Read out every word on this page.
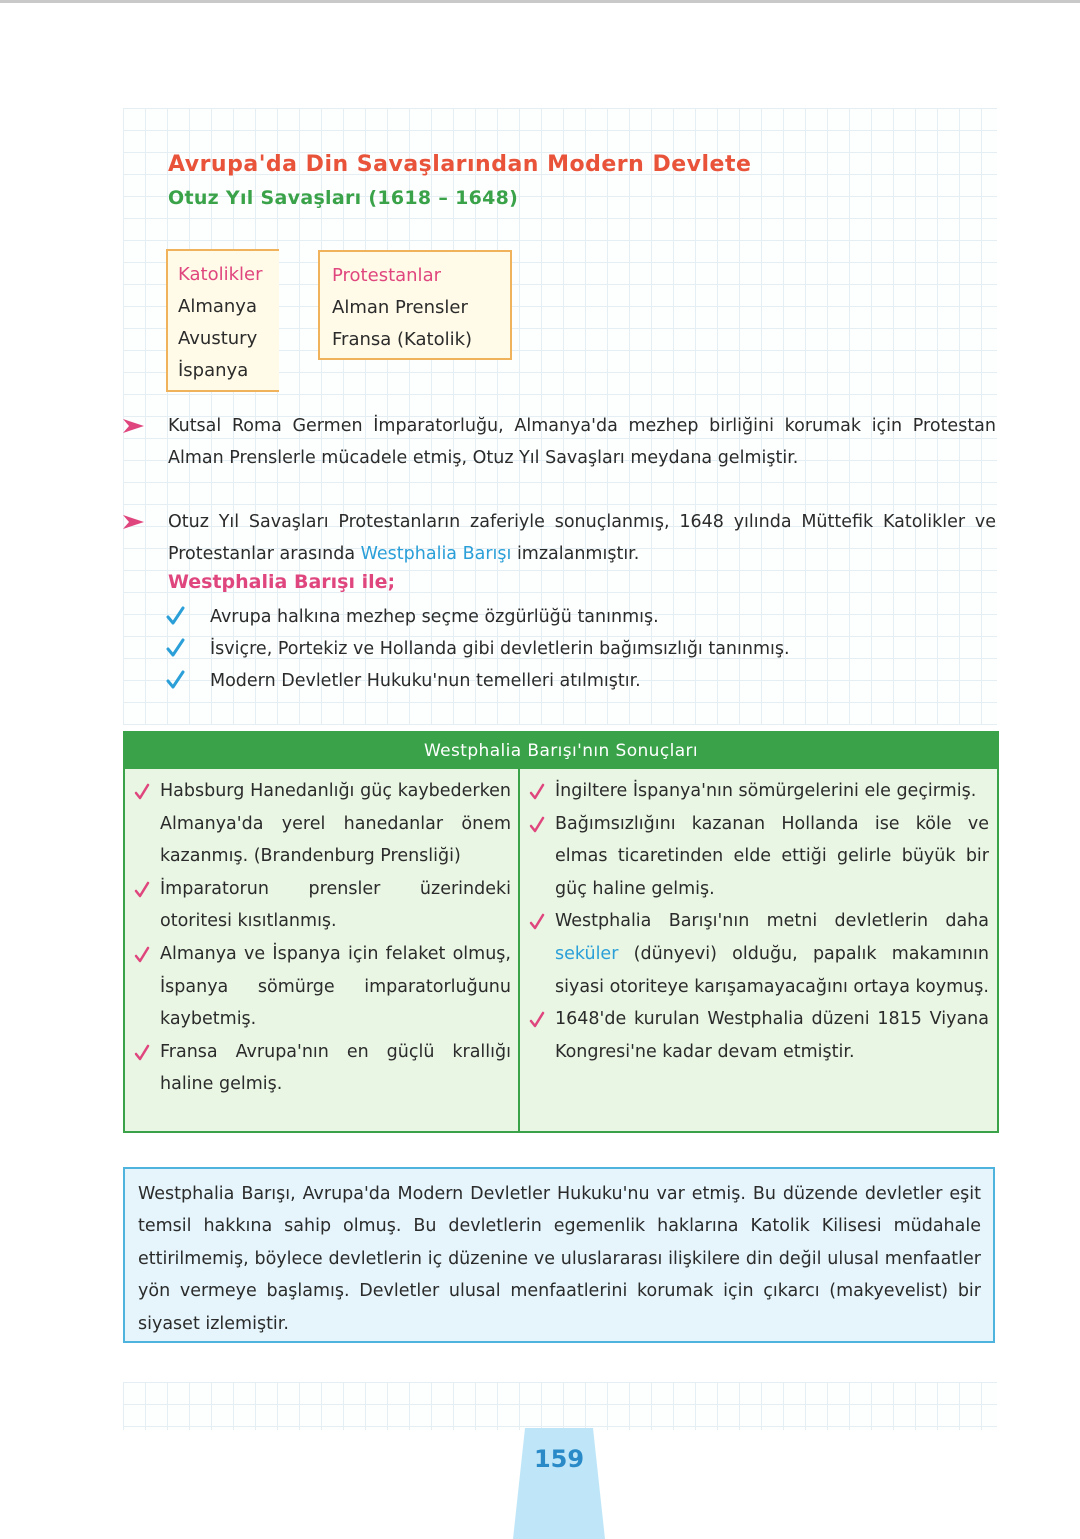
Avrupa'da Din Savaşlarından Modern Devlete
Otuz Yıl Savaşları (1618 – 1648)
Katolikler
Almanya
Avustury
İspanya
Protestanlar
Alman Prensler
Fransa (Katolik)

Kutsal Roma Germen İmparatorluğu, Almanya'da mezhep birliğini korumak için Protestan Alman Prenslerle mücadele etmiş, Otuz Yıl Savaşları meydana gelmiştir.

Otuz Yıl Savaşları Protestanların zaferiyle sonuçlanmış, 1648 yılında Müttefik Katolikler ve Protestanlar arasında Westphalia Barışı imzalanmıştır.

Westphalia Barışı ile;
Avrupa halkına mezhep seçme özgürlüğü tanınmış.
İsviçre, Portekiz ve Hollanda gibi devletlerin bağımsızlığı tanınmış.
Modern Devletler Hukuku'nun temelleri atılmıştır.
Westphalia Barışı'nın Sonuçları
Habsburg Hanedanlığı güç kaybederken Almanya'da yerel hanedanlar önem kazanmış. (Brandenburg Prensliği)
İmparatorun prensler üzerindeki otoritesi kısıtlanmış.
Almanya ve İspanya için felaket olmuş, İspanya sömürge imparatorluğunu kaybetmiş.
Fransa Avrupa'nın en güçlü krallığı haline gelmiş.
İngiltere İspanya'nın sömürgelerini ele geçirmiş.
Bağımsızlığını kazanan Hollanda ise köle ve elmas ticaretinden elde ettiği gelirle büyük bir güç haline gelmiş.
Westphalia Barışı'nın metni devletlerin daha seküler (dünyevi) olduğu, papalık makamının siyasi otoriteye karışamayacağını ortaya koymuş.
1648'de kurulan Westphalia düzeni 1815 Viyana Kongresi'ne kadar devam etmiştir.
Westphalia Barışı, Avrupa'da Modern Devletler Hukuku'nu var etmiş. Bu düzende devletler eşit temsil hakkına sahip olmuş. Bu devletlerin egemenlik haklarına Katolik Kilisesi müdahale ettirilmemiş, böylece devletlerin iç düzenine ve uluslararası ilişkilere din değil ulusal menfaatler yön vermeye başlamış. Devletler ulusal menfaatlerini korumak için çıkarcı (makyevelist) bir siyaset izlemiştir.
159
